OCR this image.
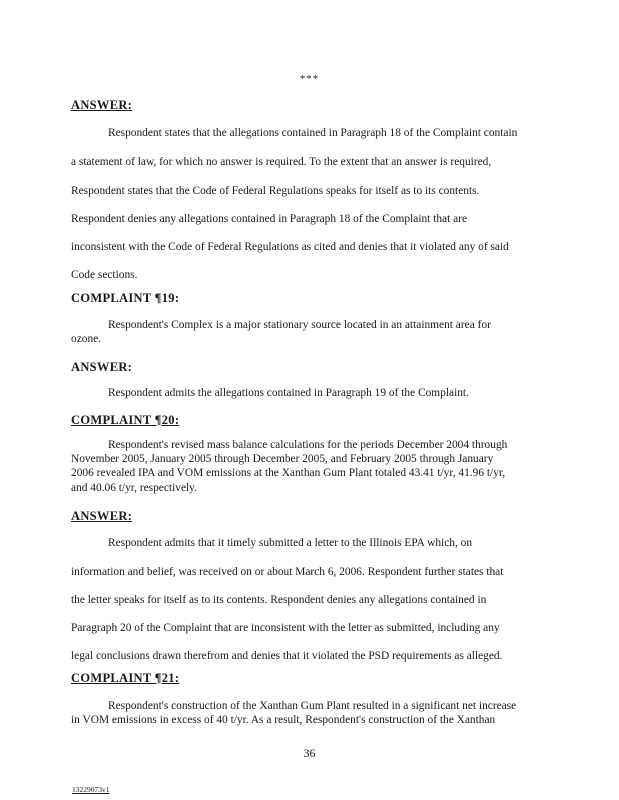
***
ANSWER:
Respondent states that the allegations contained in Paragraph 18 of the Complaint contain
a statement of law, for which no answer is required. To the extent that an answer is required,
Respondent states that the Code of Federal Regulations speaks for itself as to its contents.
Respondent denies any allegations contained in Paragraph 18 of the Complaint that are
inconsistent with the Code of Federal Regulations as cited and denies that it violated any of said
Code sections.
COMPLAINT ¶19:
Respondent's Complex is a major stationary source located in an attainment area for
ozone.
ANSWER:
Respondent admits the allegations contained in Paragraph 19 of the Complaint.
COMPLAINT ¶20:
Respondent's revised mass balance calculations for the periods December 2004 through
November 2005, January 2005 through December 2005, and February 2005 through January
2006 revealed IPA and VOM emissions at the Xanthan Gum Plant totaled 43.41 t/yr, 41.96 t/yr,
and 40.06 t/yr, respectively.
ANSWER:
Respondent admits that it timely submitted a letter to the Illinois EPA which, on
information and belief, was received on or about March 6, 2006. Respondent further states that
the letter speaks for itself as to its contents. Respondent denies any allegations contained in
Paragraph 20 of the Complaint that are inconsistent with the letter as submitted, including any
legal conclusions drawn therefrom and denies that it violated the PSD requirements as alleged.
COMPLAINT ¶21:
Respondent's construction of the Xanthan Gum Plant resulted in a significant net increase
in VOM emissions in excess of 40 t/yr. As a result, Respondent's construction of the Xanthan
36
13229073v1
